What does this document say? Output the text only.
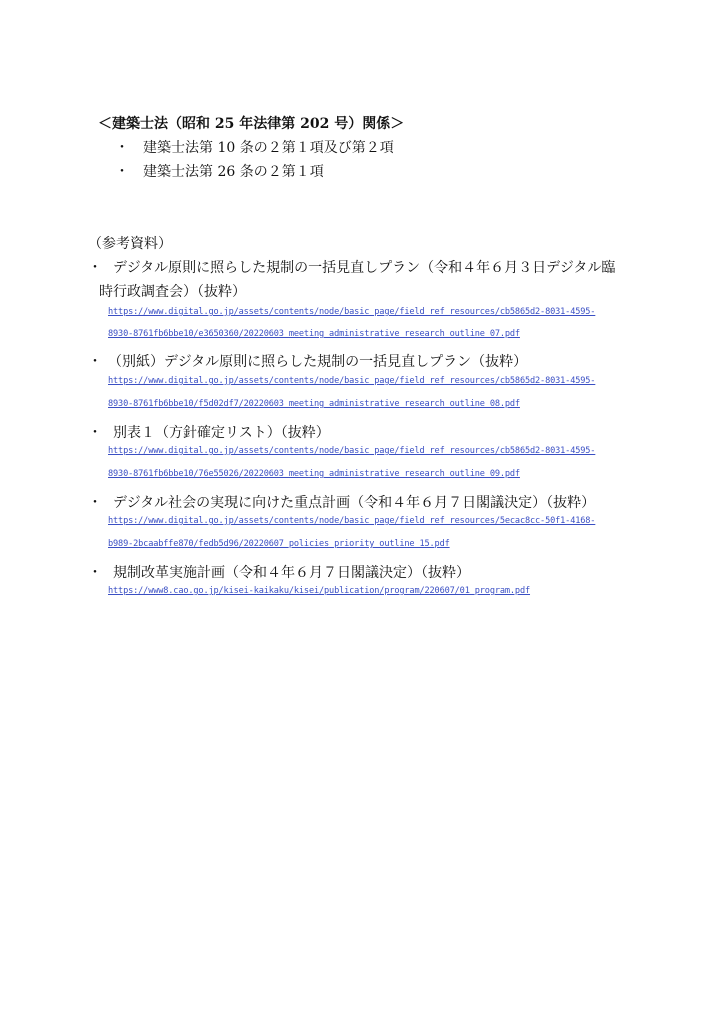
＜建築士法（昭和 25 年法律第 202 号）関係＞
・ 建築士法第 10 条の２第１項及び第２項
・ 建築士法第 26 条の２第１項
（参考資料）
・ デジタル原則に照らした規制の一括見直しプラン（令和４年６月３日デジタル臨
時行政調査会）（抜粋）
https://www.digital.go.jp/assets/contents/node/basic_page/field_ref_resources/cb5865d2-8031-4595-
8930-8761fb6bbe10/e3650360/20220603_meeting_administrative_research_outline_07.pdf
・ （別紙）デジタル原則に照らした規制の一括見直しプラン（抜粋）
https://www.digital.go.jp/assets/contents/node/basic_page/field_ref_resources/cb5865d2-8031-4595-
8930-8761fb6bbe10/f5d02df7/20220603_meeting_administrative_research_outline_08.pdf
・ 別表１（方針確定リスト）（抜粋）
https://www.digital.go.jp/assets/contents/node/basic_page/field_ref_resources/cb5865d2-8031-4595-
8930-8761fb6bbe10/76e55026/20220603_meeting_administrative_research_outline_09.pdf
・ デジタル社会の実現に向けた重点計画（令和４年６月７日閣議決定）（抜粋）
https://www.digital.go.jp/assets/contents/node/basic_page/field_ref_resources/5ecac8cc-50f1-4168-
b989-2bcaabffe870/fedb5d96/20220607_policies_priority_outline_15.pdf
・ 規制改革実施計画（令和４年６月７日閣議決定）（抜粋）
https://www8.cao.go.jp/kisei-kaikaku/kisei/publication/program/220607/01_program.pdf
